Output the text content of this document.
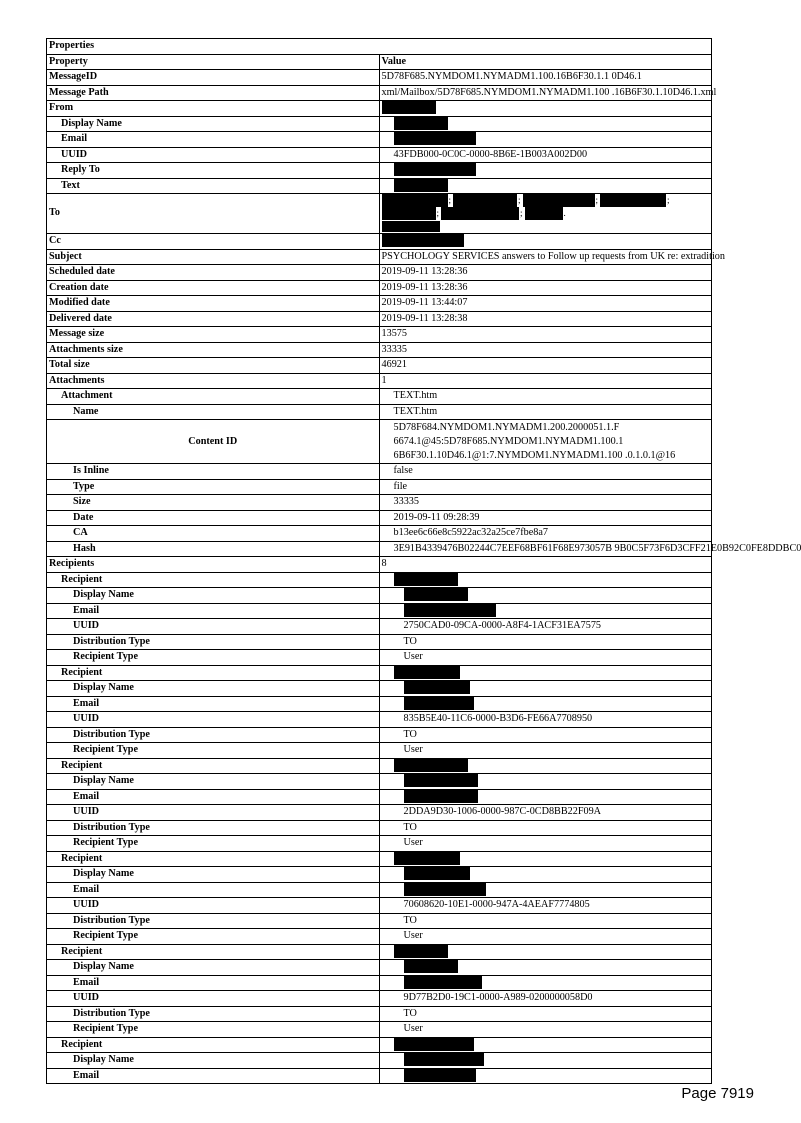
Properties	
Property	Value
MessageID	5D78F685.NYMDOM1.NYMADM1.100.16B6F30.1.1 0D46.1
Message Path	xml/Mailbox/5D78F685.NYMDOM1.NYMADM1.100 .16B6F30.1.10D46.1.xml
From	
Display Name	
Email	
UUID	43FDB000-0C0C-0000-8B6E-1B003A002D00
Reply To	
Text	
To	; ; ; ;; ; .

Cc	
Subject	PSYCHOLOGY SERVICES answers to Follow up requests from UK re: extradition
Scheduled date	2019-09-11 13:28:36
Creation date	2019-09-11 13:28:36
Modified date	2019-09-11 13:44:07
Delivered date	2019-09-11 13:28:38
Message size	13575
Attachments size	33335
Total size	46921
Attachments	1
Attachment	TEXT.htm
Name	TEXT.htm
Content ID	5D78F684.NYMDOM1.NYMADM1.200.2000051.1.F
6674.1@45:5D78F685.NYMDOM1.NYMADM1.100.1
6B6F30.1.10D46.1@1:7.NYMDOM1.NYMADM1.100 .0.1.0.1@16
Is Inline	false
Type	file
Size	33335
Date	2019-09-11 09:28:39
CA	b13ee6c66e8c5922ac32a25ce7fbe8a7
Hash	3E91B4339476B02244C7EEF68BF61F68E973057B 9B0C5F73F6D3CFF21E0B92C0FE8DDBC0
Recipients	8
Recipient	
Display Name	
Email	
UUID	2750CAD0-09CA-0000-A8F4-1ACF31EA7575
Distribution Type	TO
Recipient Type	User
Recipient	
Display Name	
Email	
UUID	835B5E40-11C6-0000-B3D6-FE66A7708950
Distribution Type	TO
Recipient Type	User
Recipient	
Display Name	
Email	
UUID	2DDA9D30-1006-0000-987C-0CD8BB22F09A
Distribution Type	TO
Recipient Type	User
Recipient	
Display Name	
Email	
UUID	70608620-10E1-0000-947A-4AEAF7774805
Distribution Type	TO
Recipient Type	User
Recipient	
Display Name	
Email	
UUID	9D77B2D0-19C1-0000-A989-0200000058D0
Distribution Type	TO
Recipient Type	User
Recipient	
Display Name	
Email	
Page 7919
